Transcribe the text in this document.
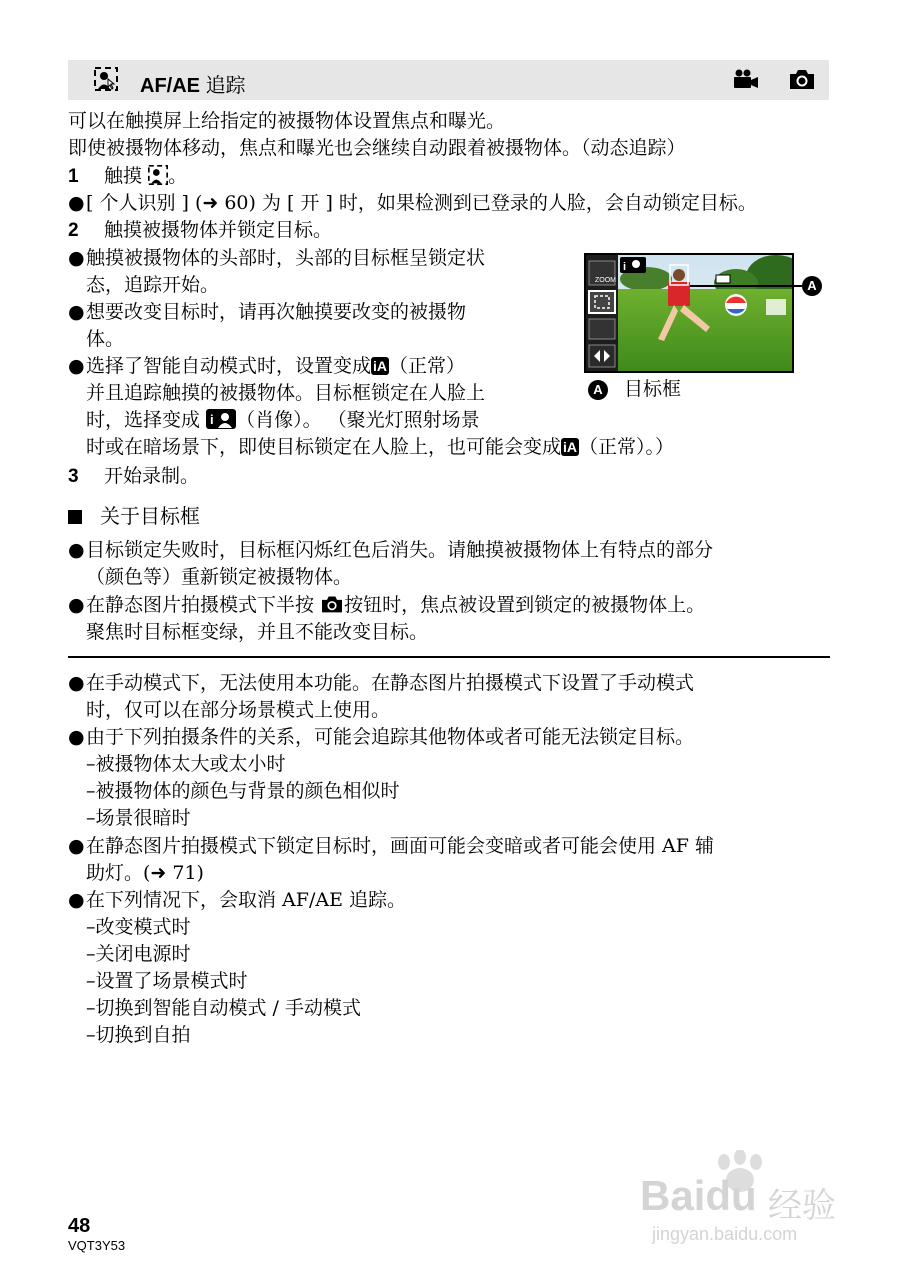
AF/AE 追踪
可以在触摸屏上给指定的被摄物体设置焦点和曝光。
即使被摄物体移动，焦点和曝光也会继续自动跟着被摄物体。（动态追踪）
1 触摸 。
●[ 个人识别 ] (➜ 60) 为 [ 开 ] 时，如果检测到已登录的人脸，会自动锁定目标。
2 触摸被摄物体并锁定目标。
●触摸被摄物体的头部时，头部的目标框呈锁定状
态，追踪开始。
●想要改变目标时，请再次触摸要改变的被摄物
体。
●选择了智能自动模式时，设置变成 iA （正常）
并且追踪触摸的被摄物体。目标框锁定在人脸上
时，选择变成 i （肖像）。 （聚光灯照射场景
时或在暗场景下，即使目标锁定在人脸上，也可能会变成 iA （正常）。）
i
ZOOM	A
A 目标框
3 开始录制。
关于目标框
●目标锁定失败时，目标框闪烁红色后消失。请触摸被摄物体上有特点的部分
（颜色等）重新锁定被摄物体。
●在静态图片拍摄模式下半按 按钮时，焦点被设置到锁定的被摄物体上。
聚焦时目标框变绿，并且不能改变目标。
●在手动模式下，无法使用本功能。在静态图片拍摄模式下设置了手动模式
时，仅可以在部分场景模式上使用。
●由于下列拍摄条件的关系，可能会追踪其他物体或者可能无法锁定目标。
–被摄物体太大或太小时
–被摄物体的颜色与背景的颜色相似时
–场景很暗时
●在静态图片拍摄模式下锁定目标时，画面可能会变暗或者可能会使用 AF 辅
助灯。(➜ 71)
●在下列情况下，会取消 AF/AE 追踪。
–改变模式时
–关闭电源时
–设置了场景模式时
–切换到智能自动模式 / 手动模式
–切换到自拍
48
VQT3Y53
Baidu 经验
jingyan.baidu.com
